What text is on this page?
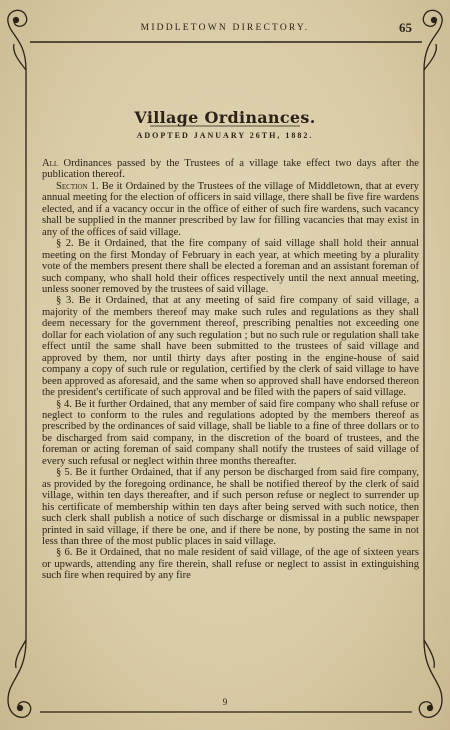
MIDDLETOWN DIRECTORY.	65
Village Ordinances.
ADOPTED JANUARY 26TH, 1882.

All Ordinances passed by the Trustees of a village take effect two days after the publication thereof.

Section 1. Be it Ordained by the Trustees of the village of Middletown, that at every annual meeting for the election of officers in said village, there shall be five fire wardens elected, and if a vacancy occur in the office of either of such fire wardens, such vacancy shall be supplied in the manner prescribed by law for filling vacancies that may exist in any of the offices of said village.

§ 2. Be it Ordained, that the fire company of said village shall hold their annual meeting on the first Monday of February in each year, at which meeting by a plurality vote of the members present there shall be elected a foreman and an assistant foreman of such company, who shall hold their offices respectively until the next annual meeting, unless sooner removed by the trustees of said village.

§ 3. Be it Ordained, that at any meeting of said fire company of said village, a majority of the members thereof may make such rules and regulations as they shall deem necessary for the government thereof, prescribing penalties not exceeding one dollar for each violation of any such regulation ; but no such rule or regulation shall take effect until the same shall have been submitted to the trustees of said village and approved by them, nor until thirty days after posting in the engine-house of said company a copy of such rule or regulation, certified by the clerk of said village to have been approved as aforesaid, and the same when so approved shall have endorsed thereon the president's certificate of such approval and be filed with the papers of said village.

§ 4. Be it further Ordained, that any member of said fire company who shall refuse or neglect to conform to the rules and regulations adopted by the members thereof as prescribed by the ordinances of said village, shall be liable to a fine of three dollars or to be discharged from said company, in the discretion of the board of trustees, and the foreman or acting foreman of said company shall notify the trustees of said village of every such refusal or neglect within three months thereafter.

§ 5. Be it further Ordained, that if any person be discharged from said fire company, as provided by the foregoing ordinance, he shall be notified thereof by the clerk of said village, within ten days thereafter, and if such person refuse or neglect to surrender up his certificate of membership within ten days after being served with such notice, then such clerk shall publish a notice of such discharge or dismissal in a public newspaper printed in said village, if there be one, and if there be none, by posting the same in not less than three of the most public places in said village.

§ 6. Be it Ordained, that no male resident of said village, of the age of sixteen years or upwards, attending any fire therein, shall refuse or neglect to assist in extinguishing such fire when required by any fire

9
